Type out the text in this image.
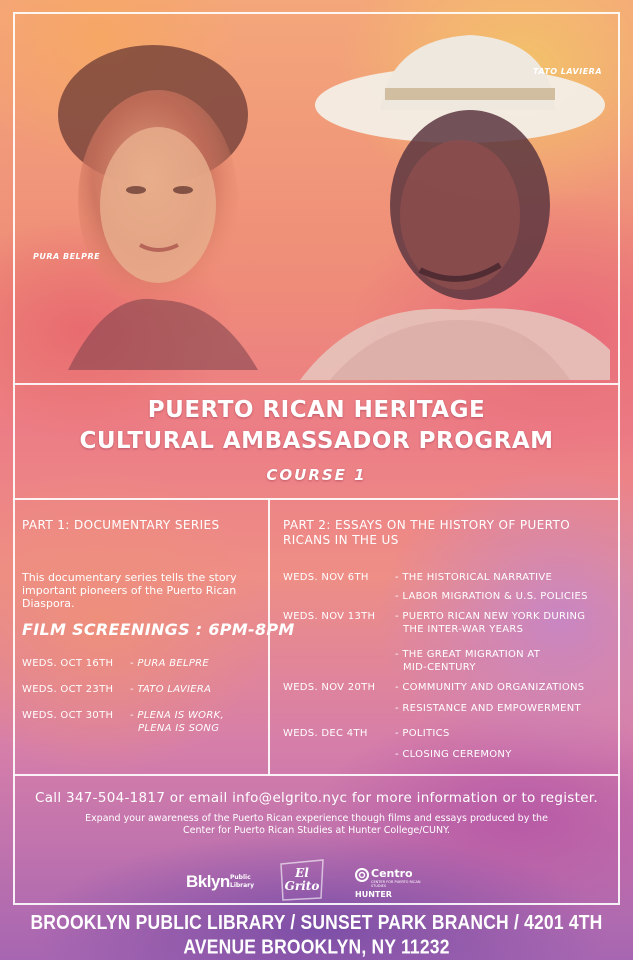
PURA BELPRE
TATO LAVIERA
PUERTO RICAN HERITAGE
CULTURAL AMBASSADOR PROGRAM
COURSE 1
PART 1: DOCUMENTARY SERIES
This documentary series tells the story
important pioneers of the Puerto Rican
Diaspora.
FILM SCREENINGS : 6PM-8PM
WEDS. OCT 16TH - PURA BELPRE
WEDS. OCT 23TH - TATO LAVIERA
WEDS. OCT 30TH - PLENA IS WORK,
PLENA IS SONG
PART 2: ESSAYS ON THE HISTORY OF PUERTO
RICANS IN THE US
WEDS. NOV 6TH	- THE HISTORICAL NARRATIVE
- LABOR MIGRATION & U.S. POLICIES
WEDS. NOV 13TH - PUERTO RICAN NEW YORK DURING
THE INTER-WAR YEARS
- THE GREAT MIGRATION AT
MID-CENTURY
WEDS. NOV 20TH - COMMUNITY AND ORGANIZATIONS
- RESISTANCE AND EMPOWERMENT
WEDS. DEC 4TH	- POLITICS
- CLOSING CEREMONY
Call 347-504-1817 or email info@elgrito.nyc for more information or to register.
Expand your awareness of the Puerto Rican experience though films and essays produced by the
Center for Puerto Rican Studies at Hunter College/CUNY.
Bklyn Public
Library
El Grito
Centro
CENTER FOR PUERTO RICAN STUDIES
HUNTER
BROOKLYN PUBLIC LIBRARY / SUNSET PARK BRANCH / 4201 4TH AVENUE BROOKLYN, NY 11232
